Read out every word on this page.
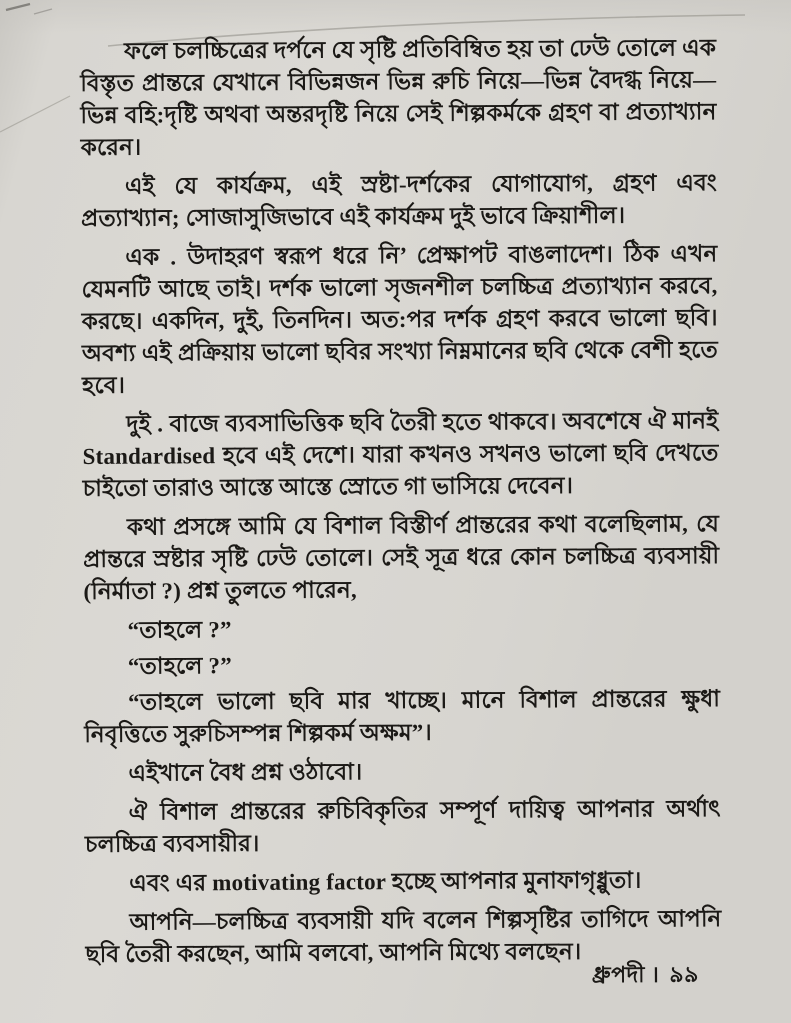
ফলে চলচ্চিত্রের দর্পনে যে সৃষ্টি প্রতিবিম্বিত হয় তা ঢেউ তোলে এক বিস্তৃত প্রান্তরে যেখানে বিভিন্নজন ভিন্ন রুচি নিয়ে—ভিন্ন বৈদগ্ধ নিয়ে—ভিন্ন বহি:দৃষ্টি অথবা অন্তরদৃষ্টি নিয়ে সেই শিল্পকর্মকে গ্রহণ বা প্রত্যাখ্যান করেন।

এই যে কার্যক্রম, এই স্রষ্টা-দর্শকের যোগাযোগ, গ্রহণ এবং প্রত্যাখ্যান; সোজাসুজিভাবে এই কার্যক্রম দুই ভাবে ক্রিয়াশীল।

এক . উদাহরণ স্বরূপ ধরে নি’ প্রেক্ষাপট বাঙলাদেশ। ঠিক এখন যেমনটি আছে তাই। দর্শক ভালো সৃজনশীল চলচ্চিত্র প্রত্যাখ্যান করবে, করছে। একদিন, দুই, তিনদিন। অত:পর দর্শক গ্রহণ করবে ভালো ছবি। অবশ্য এই প্রক্রিয়ায় ভালো ছবির সংখ্যা নিম্নমানের ছবি থেকে বেশী হতে হবে।

দুই . বাজে ব্যবসাভিত্তিক ছবি তৈরী হতে থাকবে। অবশেষে ঐ মানই Standardised হবে এই দেশে। যারা কখনও সখনও ভালো ছবি দেখতে চাইতো তারাও আস্তে আস্তে স্রোতে গা ভাসিয়ে দেবেন।

কথা প্রসঙ্গে আমি যে বিশাল বিস্তীর্ণ প্রান্তরের কথা বলেছিলাম, যে প্রান্তরে স্রষ্টার সৃষ্টি ঢেউ তোলে। সেই সূত্র ধরে কোন চলচ্চিত্র ব্যবসায়ী (নির্মাতা ?) প্রশ্ন তুলতে পারেন,

“তাহলে ?”

“তাহলে ?”

“তাহলে ভালো ছবি মার খাচ্ছে। মানে বিশাল প্রান্তরের ক্ষুধা নিবৃত্তিতে সুরুচিসম্পন্ন শিল্পকর্ম অক্ষম”।

এইখানে বৈধ প্রশ্ন ওঠাবো।

ঐ বিশাল প্রান্তরের রুচিবিকৃতির সম্পূর্ণ দায়িত্ব আপনার অর্থাৎ চলচ্চিত্র ব্যবসায়ীর।

এবং এর motivating factor হচ্ছে আপনার মুনাফাগৃধ্নুতা।

আপনি—চলচ্চিত্র ব্যবসায়ী যদি বলেন শিল্পসৃষ্টির তাগিদে আপনি ছবি তৈরী করছেন, আমি বলবো, আপনি মিথ্যে বলছেন।

ধ্রুপদী । ৯৯
